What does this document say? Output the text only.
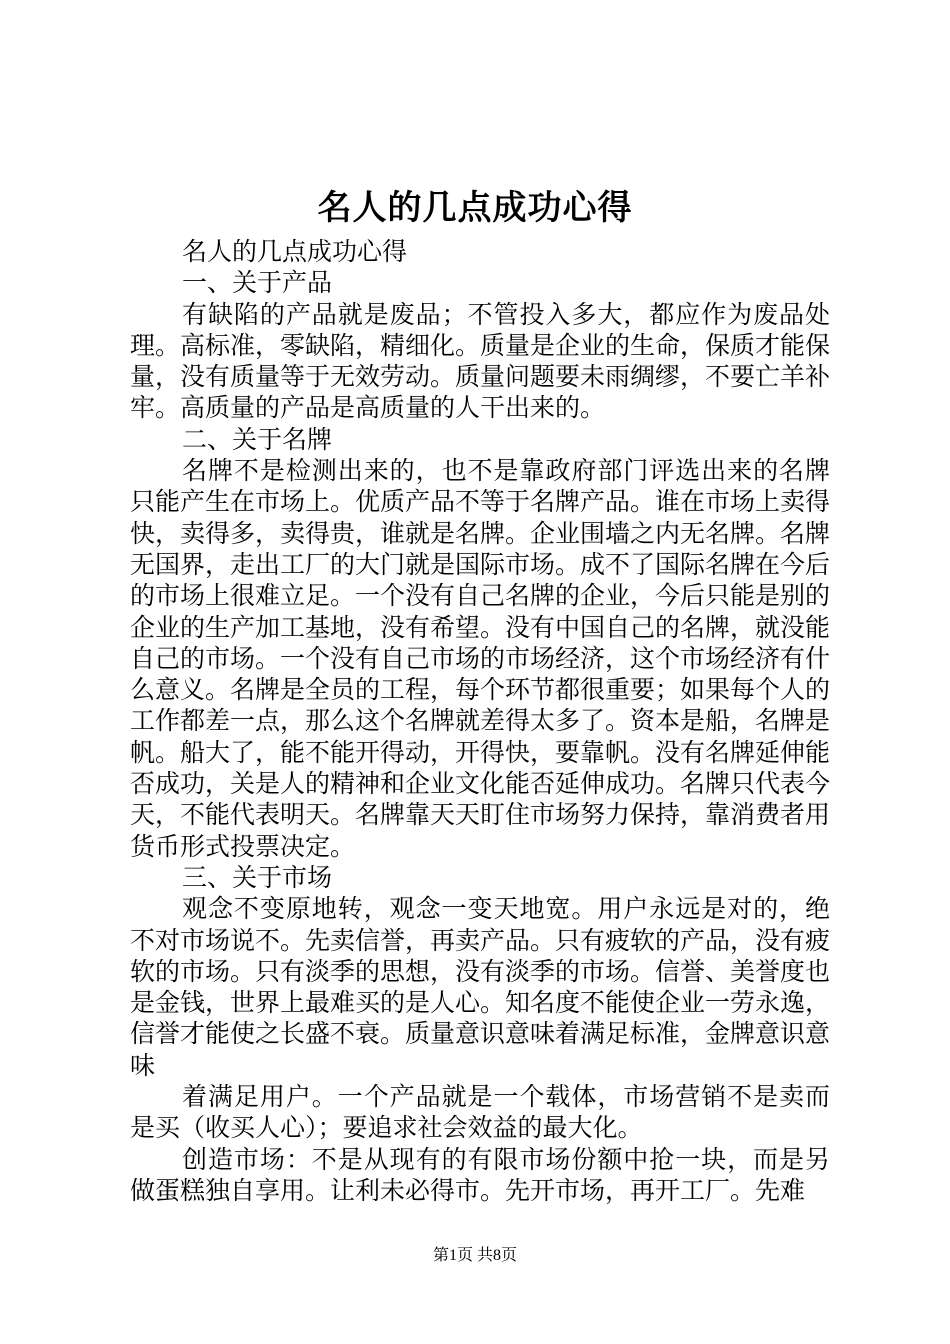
名人的几点成功心得

名人的几点成功心得

一、关于产品

有缺陷的产品就是废品；不管投入多大，都应作为废品处理。高标准，零缺陷，精细化。质量是企业的生命，保质才能保量，没有质量等于无效劳动。质量问题要未雨绸缪，不要亡羊补牢。高质量的产品是高质量的人干出来的。

二、关于名牌

名牌不是检测出来的，也不是靠政府部门评选出来的名牌只能产生在市场上。优质产品不等于名牌产品。谁在市场上卖得快，卖得多，卖得贵，谁就是名牌。企业围墙之内无名牌。名牌无国界，走出工厂的大门就是国际市场。成不了国际名牌在今后的市场上很难立足。一个没有自己名牌的企业，今后只能是别的企业的生产加工基地，没有希望。没有中国自己的名牌，就没能自己的市场。一个没有自己市场的市场经济，这个市场经济有什么意义。名牌是全员的工程，每个环节都很重要；如果每个人的工作都差一点，那么这个名牌就差得太多了。资本是船，名牌是帆。船大了，能不能开得动，开得快，要靠帆。没有名牌延伸能否成功，关是人的精神和企业文化能否延伸成功。名牌只代表今天，不能代表明天。名牌靠天天盯住市场努力保持，靠消费者用货币形式投票决定。

三、关于市场

观念不变原地转，观念一变天地宽。用户永远是对的，绝不对市场说不。先卖信誉，再卖产品。只有疲软的产品，没有疲软的市场。只有淡季的思想，没有淡季的市场。信誉、美誉度也是金钱，世界上最难买的是人心。知名度不能使企业一劳永逸，信誉才能使之长盛不衰。质量意识意味着满足标准，金牌意识意味

着满足用户。一个产品就是一个载体，市场营销不是卖而是买（收买人心）；要追求社会效益的最大化。

创造市场：不是从现有的有限市场份额中抢一块，而是另做蛋糕独自享用。让利未必得市。先开市场，再开工厂。先难

第1页 共8页
